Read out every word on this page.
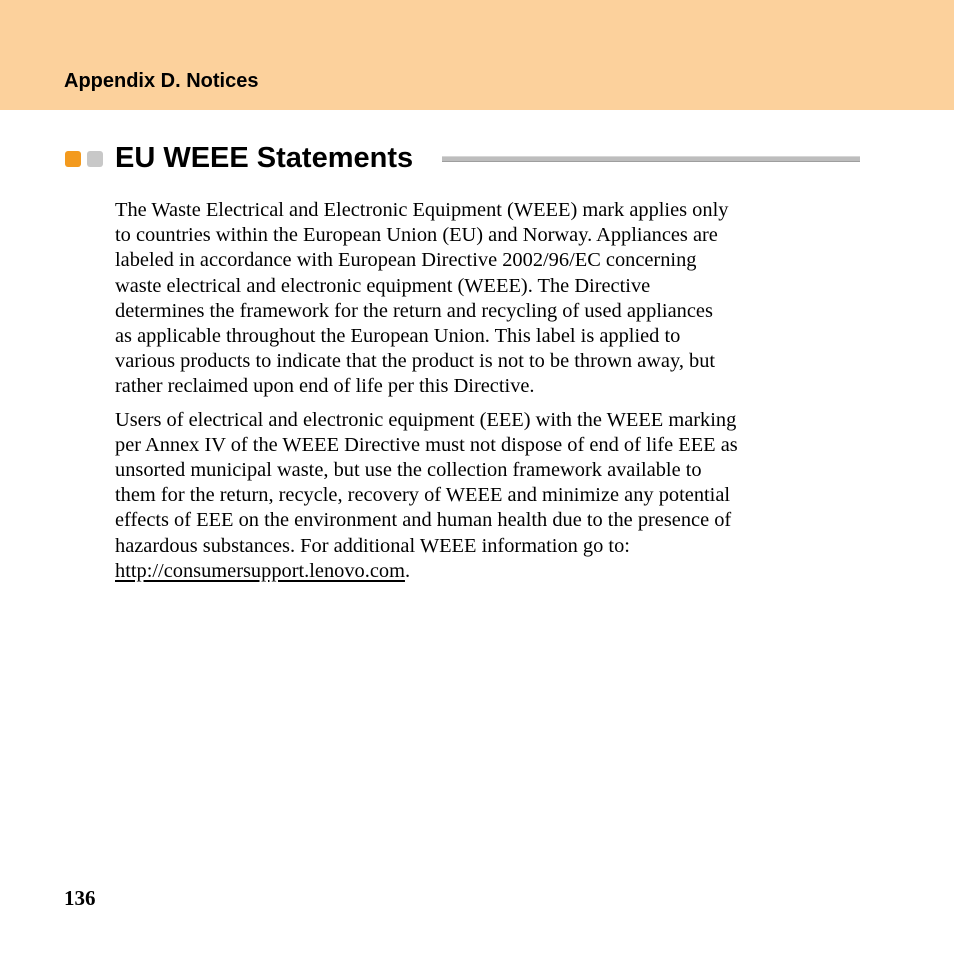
Appendix D. Notices
EU WEEE Statements

The Waste Electrical and Electronic Equipment (WEEE) mark applies only
to countries within the European Union (EU) and Norway. Appliances are
labeled in accordance with European Directive 2002/96/EC concerning
waste electrical and electronic equipment (WEEE). The Directive
determines the framework for the return and recycling of used appliances
as applicable throughout the European Union. This label is applied to
various products to indicate that the product is not to be thrown away, but
rather reclaimed upon end of life per this Directive.

Users of electrical and electronic equipment (EEE) with the WEEE marking
per Annex IV of the WEEE Directive must not dispose of end of life EEE as
unsorted municipal waste, but use the collection framework available to
them for the return, recycle, recovery of WEEE and minimize any potential
effects of EEE on the environment and human health due to the presence of
hazardous substances. For additional WEEE information go to:
http://consumersupport.lenovo.com.

136
